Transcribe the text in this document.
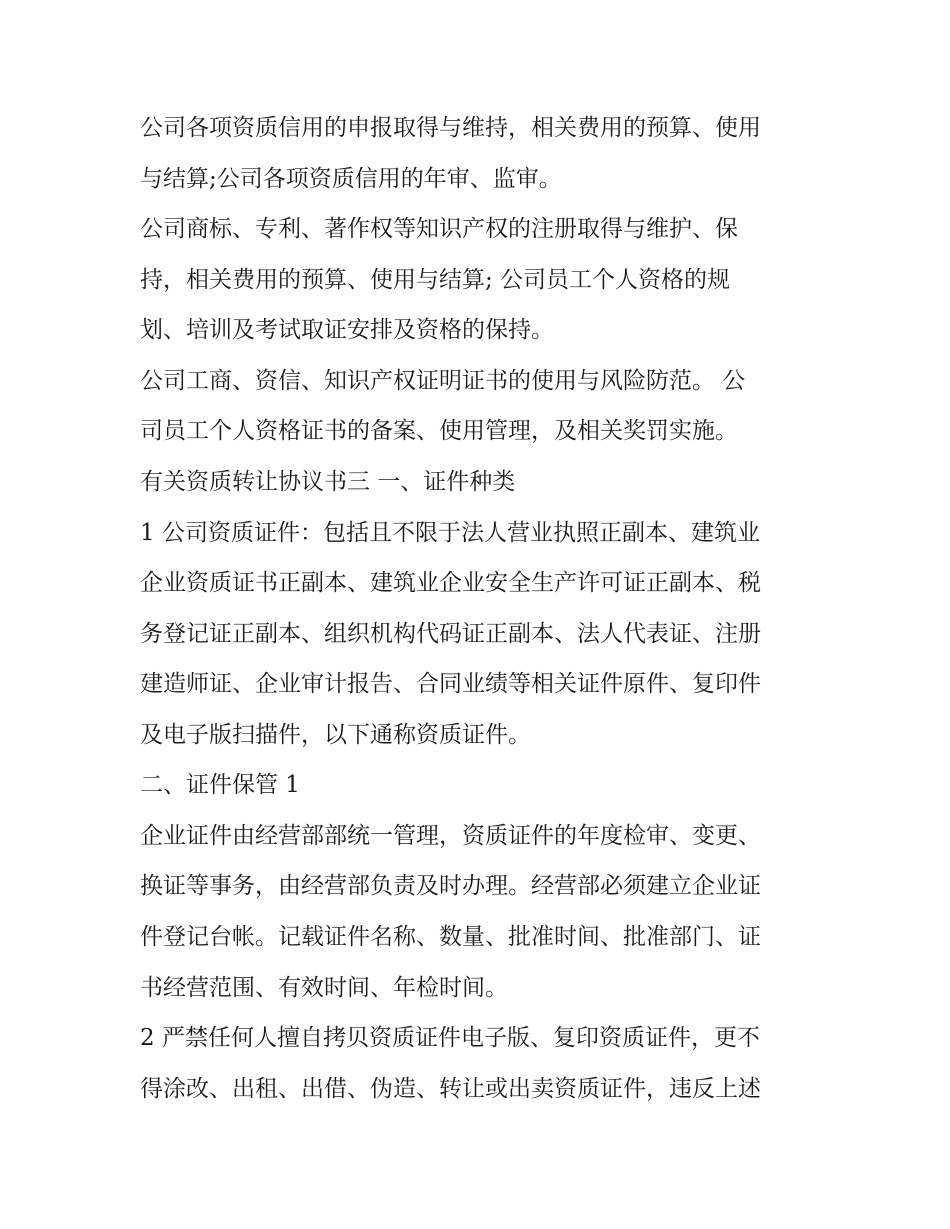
公司各项资质信用的申报取得与维持，相关费用的预算、使用

与结算;公司各项资质信用的年审、监审。

公司商标、专利、著作权等知识产权的注册取得与维护、保

持，相关费用的预算、使用与结算; 公司员工个人资格的规

划、培训及考试取证安排及资格的保持。

公司工商、资信、知识产权证明证书的使用与风险防范。 公

司员工个人资格证书的备案、使用管理，及相关奖罚实施。

有关资质转让协议书三 一、证件种类

1 公司资质证件：包括且不限于法人营业执照正副本、建筑业

企业资质证书正副本、建筑业企业安全生产许可证正副本、税

务登记证正副本、组织机构代码证正副本、法人代表证、注册

建造师证、企业审计报告、合同业绩等相关证件原件、复印件

及电子版扫描件，以下通称资质证件。

二、证件保管 1

企业证件由经营部部统一管理，资质证件的年度检审、变更、

换证等事务，由经营部负责及时办理。经营部必须建立企业证

件登记台帐。记载证件名称、数量、批准时间、批准部门、证

书经营范围、有效时间、年检时间。

2 严禁任何人擅自拷贝资质证件电子版、复印资质证件，更不

得涂改、出租、出借、伪造、转让或出卖资质证件，违反上述
